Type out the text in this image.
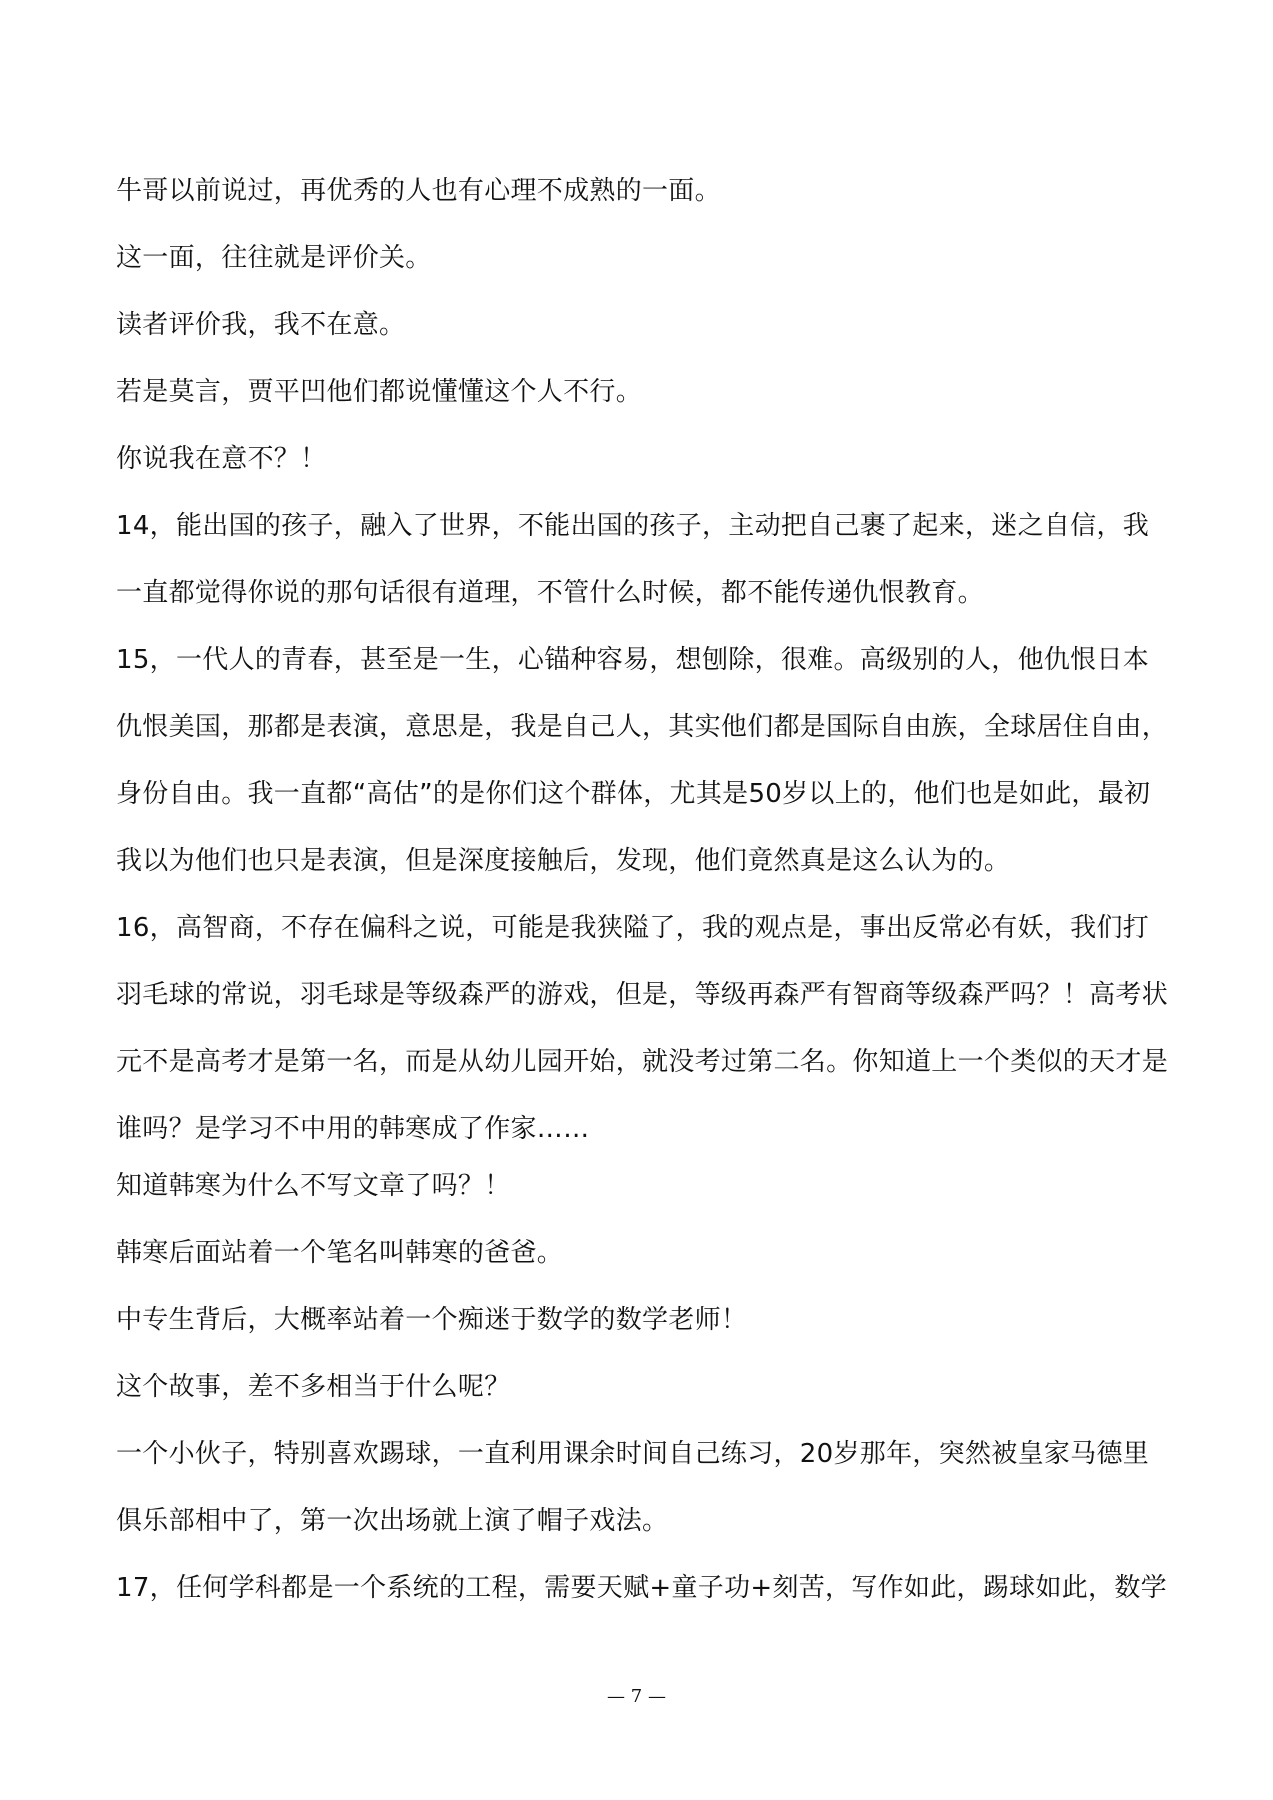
牛哥以前说过，再优秀的人也有心理不成熟的一面。

这一面，往往就是评价关。

读者评价我，我不在意。

若是莫言，贾平凹他们都说懂懂这个人不行。

你说我在意不？！

14，能出国的孩子，融入了世界，不能出国的孩子，主动把自己裹了起来，迷之自信，我一直都觉得你说的那句话很有道理，不管什么时候，都不能传递仇恨教育。

15，一代人的青春，甚至是一生，心锚种容易，想刨除，很难。高级别的人，他仇恨日本仇恨美国，那都是表演，意思是，我是自己人，其实他们都是国际自由族，全球居住自由，身份自由。我一直都“高估”的是你们这个群体，尤其是50岁以上的，他们也是如此，最初我以为他们也只是表演，但是深度接触后，发现，他们竟然真是这么认为的。

16，高智商，不存在偏科之说，可能是我狭隘了，我的观点是，事出反常必有妖，我们打羽毛球的常说，羽毛球是等级森严的游戏，但是，等级再森严有智商等级森严吗？！高考状元不是高考才是第一名，而是从幼儿园开始，就没考过第二名。你知道上一个类似的天才是谁吗？是学习不中用的韩寒成了作家……

知道韩寒为什么不写文章了吗？！

韩寒后面站着一个笔名叫韩寒的爸爸。

中专生背后，大概率站着一个痴迷于数学的数学老师！

这个故事，差不多相当于什么呢？

一个小伙子，特别喜欢踢球，一直利用课余时间自己练习，20岁那年，突然被皇家马德里俱乐部相中了，第一次出场就上演了帽子戏法。

17，任何学科都是一个系统的工程，需要天赋+童子功+刻苦，写作如此，踢球如此，数学

— 7 —
